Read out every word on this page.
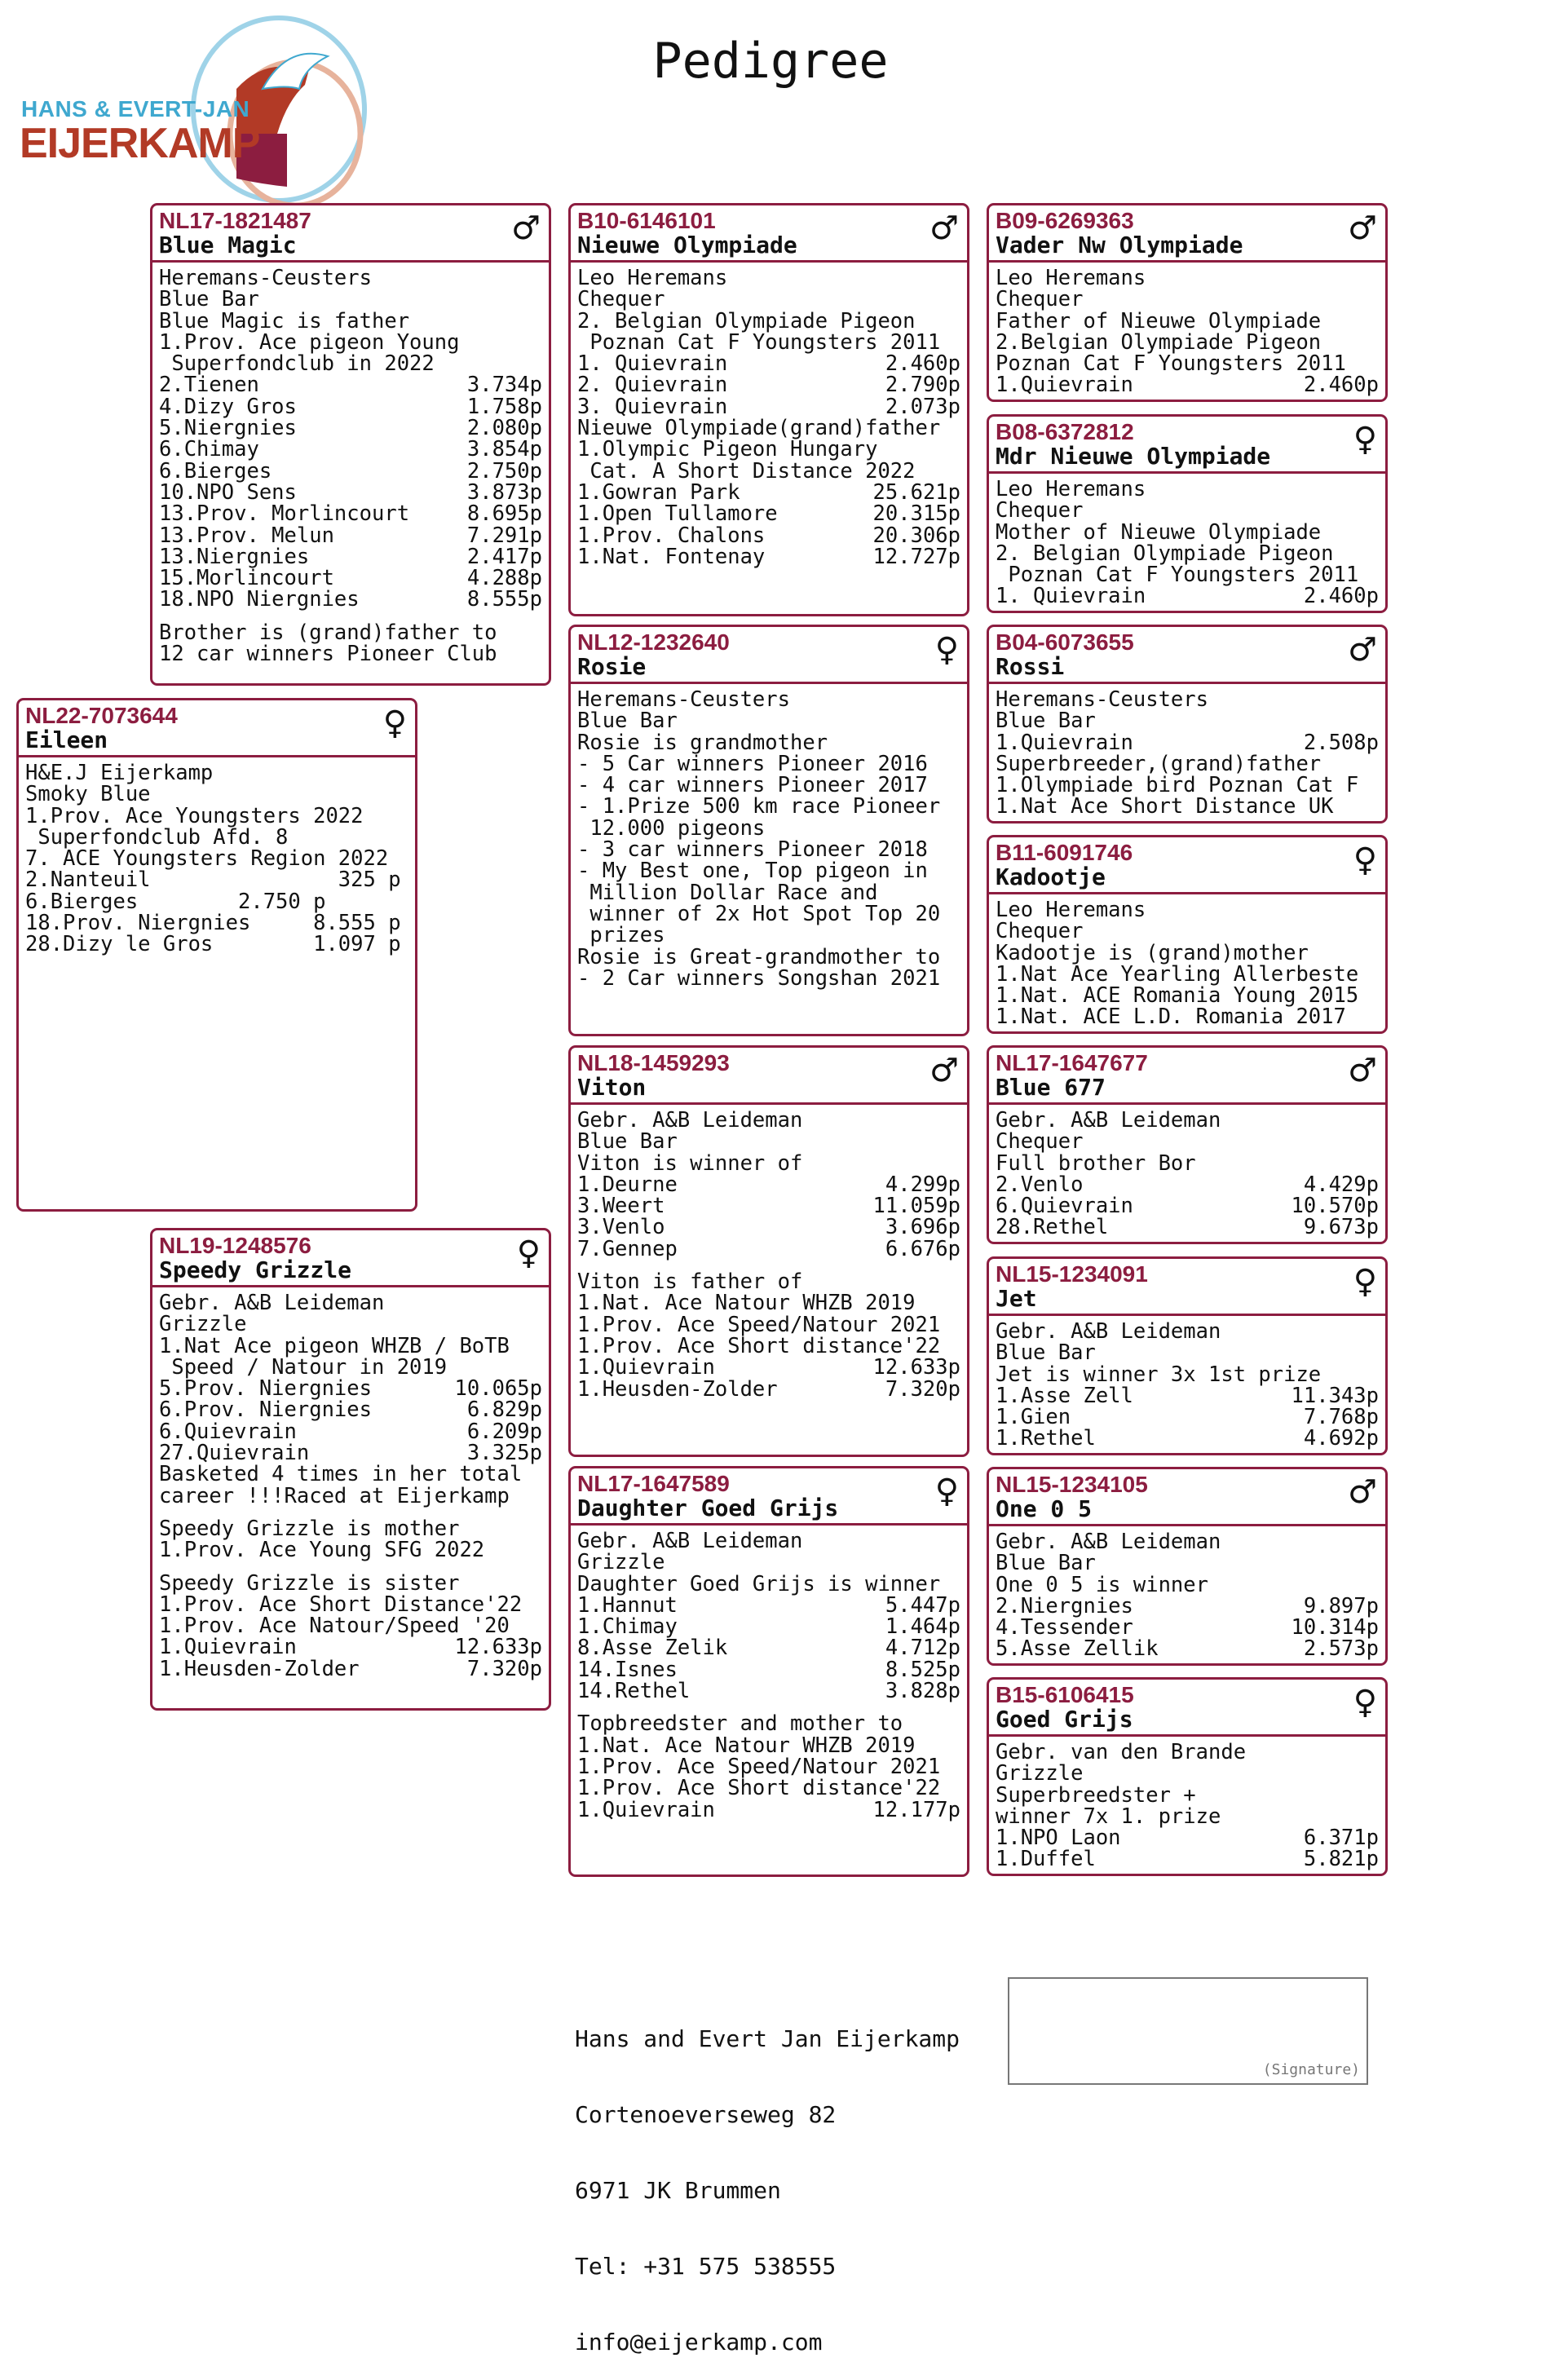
Pedigree
HANS & EVERT-JAN
EIJERKAMP
NL17-1821487
Blue Magic	♂
Heremans-Ceusters
Blue Bar
Blue Magic is father
1.Prov. Ace pigeon Young
Superfondclub in 2022
2.Tienen	3.734p
4.Dizy Gros	1.758p
5.Niergnies	2.080p
6.Chimay	3.854p
6.Bierges	2.750p
10.NPO Sens	3.873p
13.Prov. Morlincourt	8.695p
13.Prov. Melun	7.291p
13.Niergnies	2.417p
15.Morlincourt	4.288p
18.NPO Niergnies	8.555p
Brother is (grand)father to
12 car winners Pioneer Club
NL22-7073644
Eileen	♀
H&E.J Eijerkamp
Smoky Blue
1.Prov. Ace Youngsters 2022
Superfondclub Afd. 8
7. ACE Youngsters Region 2022
2.Nanteuil               325 p
6.Bierges        2.750 p
18.Prov. Niergnies     8.555 p
28.Dizy le Gros        1.097 p
NL19-1248576
Speedy Grizzle	♀
Gebr. A&B Leideman
Grizzle
1.Nat Ace pigeon WHZB / BoTB
Speed / Natour in 2019
5.Prov. Niergnies	10.065p
6.Prov. Niergnies	6.829p
6.Quievrain	6.209p
27.Quievrain	3.325p
Basketed 4 times in her total
career !!!Raced at Eijerkamp
Speedy Grizzle is mother
1.Prov. Ace Young SFG 2022
Speedy Grizzle is sister
1.Prov. Ace Short Distance'22
1.Prov. Ace Natour/Speed '20
1.Quievrain	12.633p
1.Heusden-Zolder	7.320p
B10-6146101
Nieuwe Olympiade	♂
Leo Heremans
Chequer
2. Belgian Olympiade Pigeon
Poznan Cat F Youngsters 2011
1. Quievrain	2.460p
2. Quievrain	2.790p
3. Quievrain	2.073p
Nieuwe Olympiade(grand)father
1.Olympic Pigeon Hungary
Cat. A Short Distance 2022
1.Gowran Park	25.621p
1.Open Tullamore	20.315p
1.Prov. Chalons	20.306p
1.Nat. Fontenay	12.727p
NL12-1232640
Rosie	♀
Heremans-Ceusters
Blue Bar
Rosie is grandmother
- 5 Car winners Pioneer 2016
- 4 car winners Pioneer 2017
- 1.Prize 500 km race Pioneer
12.000 pigeons
- 3 car winners Pioneer 2018
- My Best one, Top pigeon in
Million Dollar Race and
winner of 2x Hot Spot Top 20
prizes
Rosie is Great-grandmother to
- 2 Car winners Songshan 2021
NL18-1459293
Viton	♂
Gebr. A&B Leideman
Blue Bar
Viton is winner of
1.Deurne	4.299p
3.Weert	11.059p
3.Venlo	3.696p
7.Gennep	6.676p
Viton is father of
1.Nat. Ace Natour WHZB 2019
1.Prov. Ace Speed/Natour 2021
1.Prov. Ace Short distance'22
1.Quievrain	12.633p
1.Heusden-Zolder	7.320p
NL17-1647589
Daughter Goed Grijs	♀
Gebr. A&B Leideman
Grizzle
Daughter Goed Grijs is winner
1.Hannut	5.447p
1.Chimay	1.464p
8.Asse Zelik	4.712p
14.Isnes	8.525p
14.Rethel	3.828p
Topbreedster and mother to
1.Nat. Ace Natour WHZB 2019
1.Prov. Ace Speed/Natour 2021
1.Prov. Ace Short distance'22
1.Quievrain	12.177p
B09-6269363
Vader Nw Olympiade	♂
Leo Heremans
Chequer
Father of Nieuwe Olympiade
2.Belgian Olympiade Pigeon
Poznan Cat F Youngsters 2011
1.Quievrain	2.460p
B08-6372812
Mdr Nieuwe Olympiade	♀
Leo Heremans
Chequer
Mother of Nieuwe Olympiade
2. Belgian Olympiade Pigeon
Poznan Cat F Youngsters 2011
1. Quievrain	2.460p
B04-6073655
Rossi	♂
Heremans-Ceusters
Blue Bar
1.Quievrain	2.508p
Superbreeder,(grand)father
1.Olympiade bird Poznan Cat F
1.Nat Ace Short Distance UK
B11-6091746
Kadootje	♀
Leo Heremans
Chequer
Kadootje is (grand)mother
1.Nat Ace Yearling Allerbeste
1.Nat. ACE Romania Young 2015
1.Nat. ACE L.D. Romania 2017
NL17-1647677
Blue 677	♂
Gebr. A&B Leideman
Chequer
Full brother Bor
2.Venlo	4.429p
6.Quievrain	10.570p
28.Rethel	9.673p
NL15-1234091
Jet	♀
Gebr. A&B Leideman
Blue Bar
Jet is winner 3x 1st prize
1.Asse Zell	11.343p
1.Gien	7.768p
1.Rethel	4.692p
NL15-1234105
One 0 5	♂
Gebr. A&B Leideman
Blue Bar
One 0 5 is winner
2.Niergnies	9.897p
4.Tessender	10.314p
5.Asse Zellik	2.573p
B15-6106415
Goed Grijs	♀
Gebr. van den Brande
Grizzle
Superbreedster +
winner 7x 1. prize
1.NPO Laon	6.371p
1.Duffel	5.821p

Hans and Evert Jan Eijerkamp

Cortenoeverseweg 82

6971 JK Brummen

Tel: +31 575 538555

info@eijerkamp.com

(Signature)
